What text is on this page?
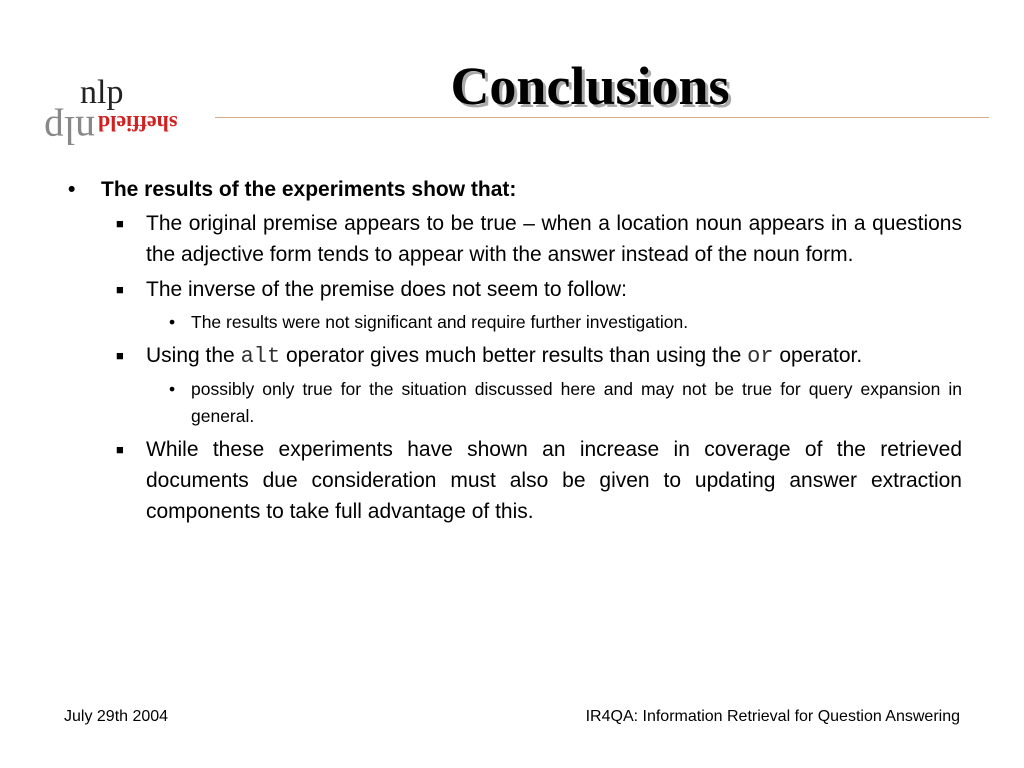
nlp
nlp sheffield
Conclusions
• The results of the experiments show that:
■ The original premise appears to be true – when a location noun appears in a questions the adjective form tends to appear with the answer instead of the noun form.
■ The inverse of the premise does not seem to follow:
• The results were not significant and require further investigation.
■ Using the alt operator gives much better results than using the or operator.
• possibly only true for the situation discussed here and may not be true for query expansion in general.
■ While these experiments have shown an increase in coverage of the retrieved documents due consideration must also be given to updating answer extraction components to take full advantage of this.
July 29th 2004	IR4QA: Information Retrieval for Question Answering
